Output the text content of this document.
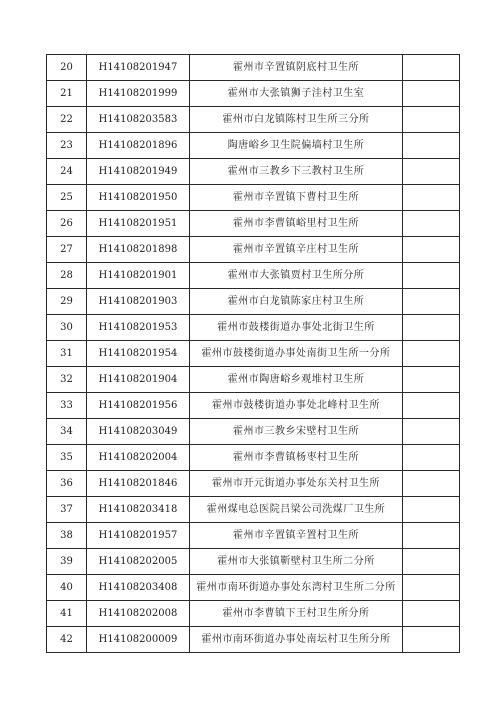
20	H14108201947	霍州市辛置镇阴底村卫生所	
21	H14108201999	霍州市大张镇狮子洼村卫生室	
22	H14108203583	霍州市白龙镇陈村卫生所三分所	
23	H14108201896	陶唐峪乡卫生院偏墙村卫生所	
24	H14108201949	霍州市三教乡下三教村卫生所	
25	H14108201950	霍州市辛置镇下曹村卫生所	
26	H14108201951	霍州市李曹镇峪里村卫生所	
27	H14108201898	霍州市辛置镇辛庄村卫生所	
28	H14108201901	霍州市大张镇贾村卫生所分所	
29	H14108201903	霍州市白龙镇陈家庄村卫生所	
30	H14108201953	霍州市鼓楼街道办事处北街卫生所	
31	H14108201954	霍州市鼓楼街道办事处南街卫生所一分所	
32	H14108201904	霍州市陶唐峪乡观堆村卫生所	
33	H14108201956	霍州市鼓楼街道办事处北峰村卫生所	
34	H14108203049	霍州市三教乡宋壁村卫生所	
35	H14108202004	霍州市李曹镇杨枣村卫生所	
36	H14108201846	霍州市开元街道办事处东关村卫生所	
37	H14108203418	霍州煤电总医院吕梁公司洗煤厂卫生所	
38	H14108201957	霍州市辛置镇辛置村卫生所	
39	H14108202005	霍州市大张镇靳壁村卫生所二分所	
40	H14108203408	霍州市南环街道办事处东湾村卫生所二分所	
41	H14108202008	霍州市李曹镇下王村卫生所分所	
42	H14108200009	霍州市南环街道办事处南坛村卫生所分所	
